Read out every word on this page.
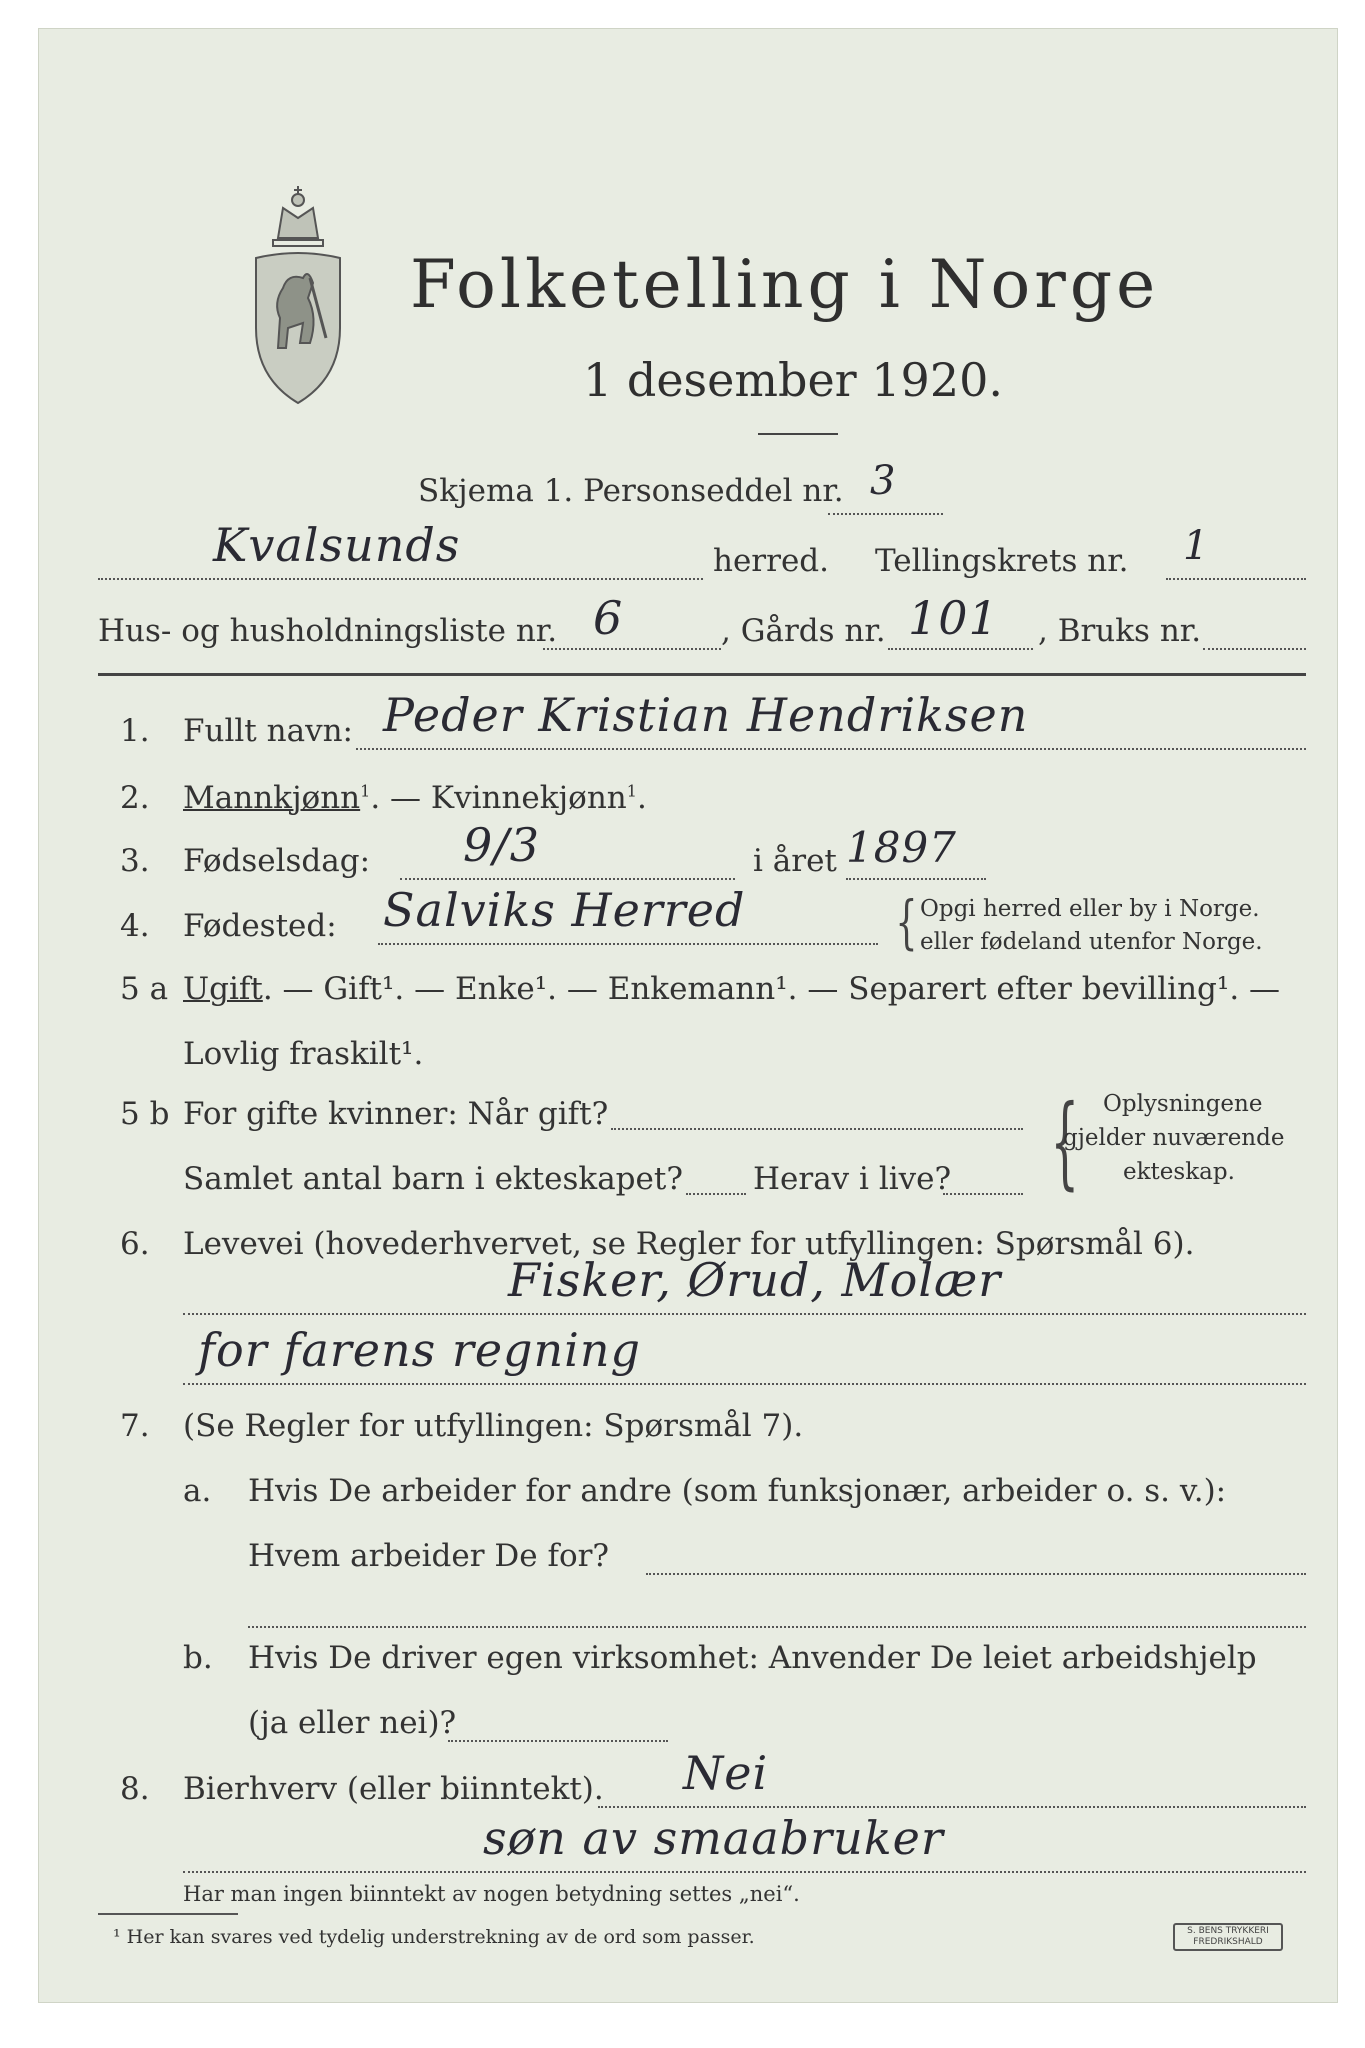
Folketelling i Norge
1 desember 1920.
Skjema 1. Personseddel nr. 3
Kvalsunds	herred. Tellingskrets nr. 1
Hus- og husholdningsliste nr. 6	, Gårds nr. 101 , Bruks nr.
1. Fullt navn: Peder Kristian Hendriksen
2. Mannkjønn$^1$. — Kvinnekjønn$^1$.
3. Fødselsdag: 9/3	i året 1897
4. Fødested: Salviks Herred	{ Opgi herred eller by i Norge.
eller fødeland utenfor Norge.
5 a Ugift. — Gift¹. — Enke¹. — Enkemann¹. — Separert efter bevilling¹. —
Lovlig fraskilt¹.
5 b For gifte kvinner: Når gift?
Samlet antal barn i ekteskapet? Herav i live? { Oplysningene
gjelder nuværende
ekteskap.
6. Levevei (hovederhvervet, se Regler for utfyllingen: Spørsmål 6).
Fisker, Ørud, Molær
for farens regning
7. (Se Regler for utfyllingen: Spørsmål 7).
a. Hvis De arbeider for andre (som funksjonær, arbeider o. s. v.):
Hvem arbeider De for?
b. Hvis De driver egen virksomhet: Anvender De leiet arbeidshjelp
(ja eller nei)?
8. Bierhverv (eller biinntekt). Nei
søn av smaabruker
Har man ingen biinntekt av nogen betydning settes „nei“.
¹ Her kan svares ved tydelig understrekning av de ord som passer.	S. BENS TRYKKERI
FREDRIKSHALD
